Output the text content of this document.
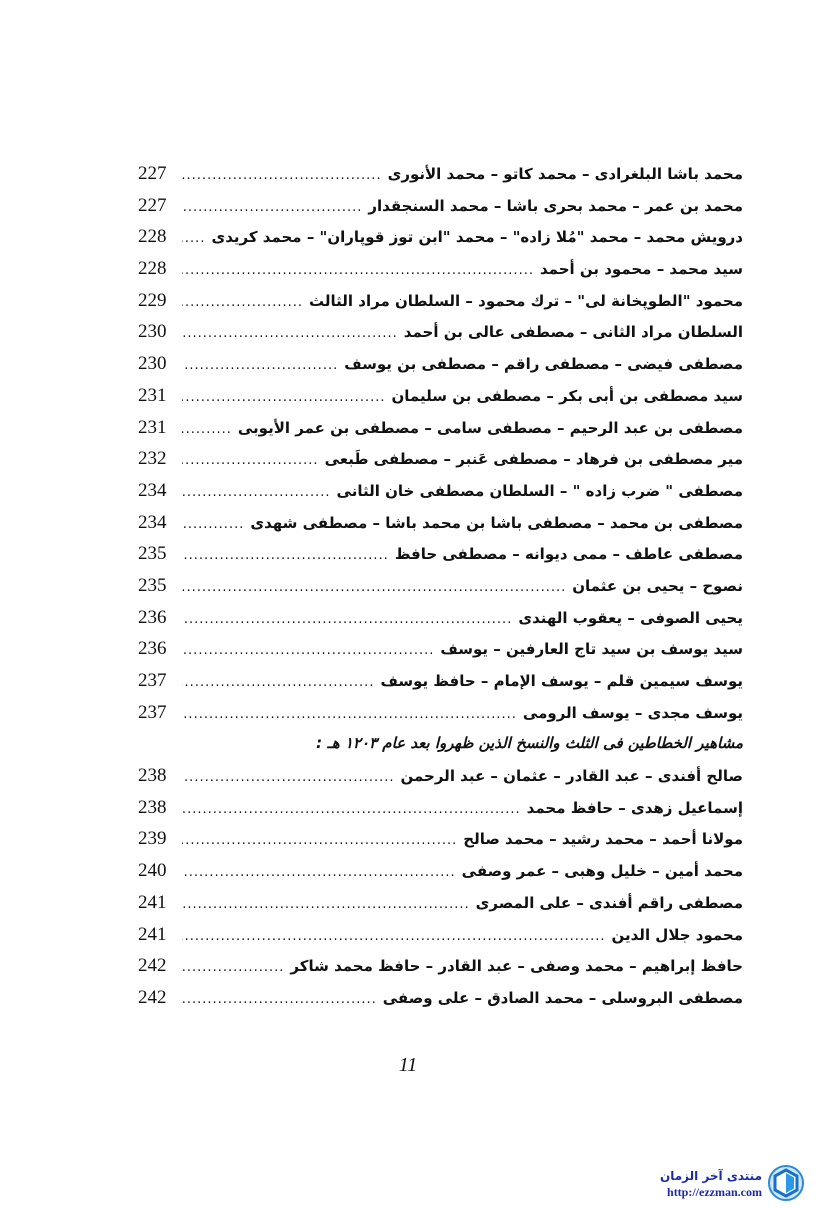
محمد باشا البلغرادى – محمد كاتو – محمد الأنورى
.....
227
محمد بن عمر – محمد بحرى باشا – محمد السنجقدار
.....
227
درويش محمد – محمد "مُلا زاده" – محمد "ابن توز قوپاران" – محمد كريدى
.....
228
سيد محمد – محمود بن أحمد
.....
228
محمود "الطوپخانة لى" – ترك محمود – السلطان مراد الثالث
.....
229
السلطان مراد الثانى – مصطفى عالى بن أحمد
.....
230
مصطفى فيضى – مصطفى راقم – مصطفى بن يوسف
.....
230
سيد مصطفى بن أبى بكر – مصطفى بن سليمان
.....
231
مصطفى بن عبد الرحيم – مصطفى سامى – مصطفى بن عمر الأيوبى
.....
231
مير مصطفى بن فرهاد – مصطفى عَنبر – مصطفى طَبعى
.....
232
مصطفى " ضرب زاده " – السلطان مصطفى خان الثانى
.....
234
مصطفى بن محمد – مصطفى باشا بن محمد باشا – مصطفى شهدى
.....
234
مصطفى عاطف – ممى ديوانه – مصطفى حافظ
.....
235
نصوح – يحيى بن عثمان
.....
235
يحيى الصوفى – يعقوب الهندى
.....
236
سيد يوسف بن سيد تاج العارفين – يوسف
.....
236
يوسف سيمين قلم – يوسف الإمام – حافظ يوسف
.....
237
يوسف مجدى – يوسف الرومى
.....
237
مشاهير الخطاطين فى الثلث والنسخ الذين ظهروا بعد عام ١٢٠٣ هـ :
صالح أفندى – عبد القادر – عثمان – عبد الرحمن
.....
238
إسماعيل زهدى – حافظ محمد
.....
238
مولانا أحمد – محمد رشيد – محمد صالح
.....
239
محمد أمين – خليل وهبى – عمر وصفى
.....
240
مصطفى راقم أفندى – على المصرى
.....
241
محمود جلال الدين
.....
241
حافظ إبراهيم – محمد وصفى – عبد القادر – حافظ محمد شاكر
.....
242
مصطفى البروسلى – محمد الصادق – على وصفى
.....
242
11
منتدى آخر الزمان
http://ezzman.com
